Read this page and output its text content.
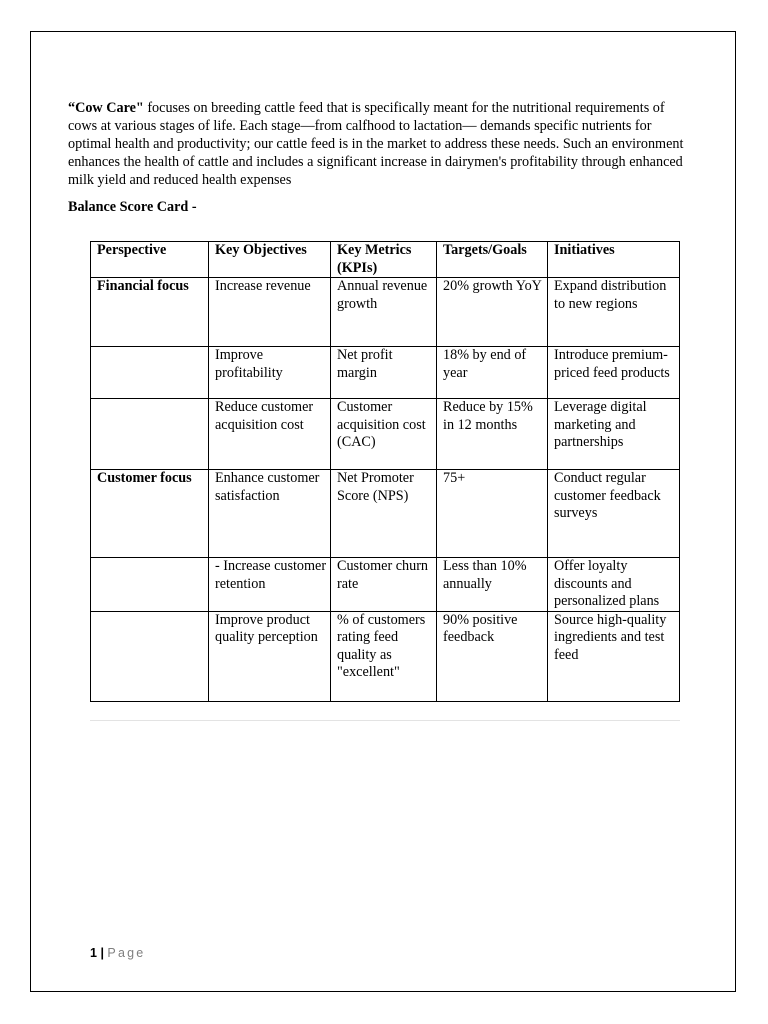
“Cow Care" focuses on breeding cattle feed that is specifically meant for the nutritional requirements of cows at various stages of life. Each stage—from calfhood to lactation— demands specific nutrients for optimal health and productivity; our cattle feed is in the market to address these needs. Such an environment enhances the health of cattle and includes a significant increase in dairymen's profitability through enhanced milk yield and reduced health expenses

Balance Score Card -

Perspective	Key Objectives	Key Metrics (KPIs)	Targets/Goals	Initiatives
Financial focus	Increase revenue	Annual revenue growth	20% growth YoY	Expand distribution to new regions
	Improve profitability	Net profit margin	18% by end of year	Introduce premium-priced feed products
	Reduce customer acquisition cost	Customer acquisition cost (CAC)	Reduce by 15% in 12 months	Leverage digital marketing and partnerships
Customer focus	Enhance customer satisfaction	Net Promoter Score (NPS)	75+	Conduct regular customer feedback surveys
	- Increase customer retention	Customer churn rate	Less than 10% annually	Offer loyalty discounts and personalized plans
	Improve product quality perception	% of customers rating feed quality as "excellent"	90% positive feedback	Source high-quality ingredients and test feed
1 | Page
